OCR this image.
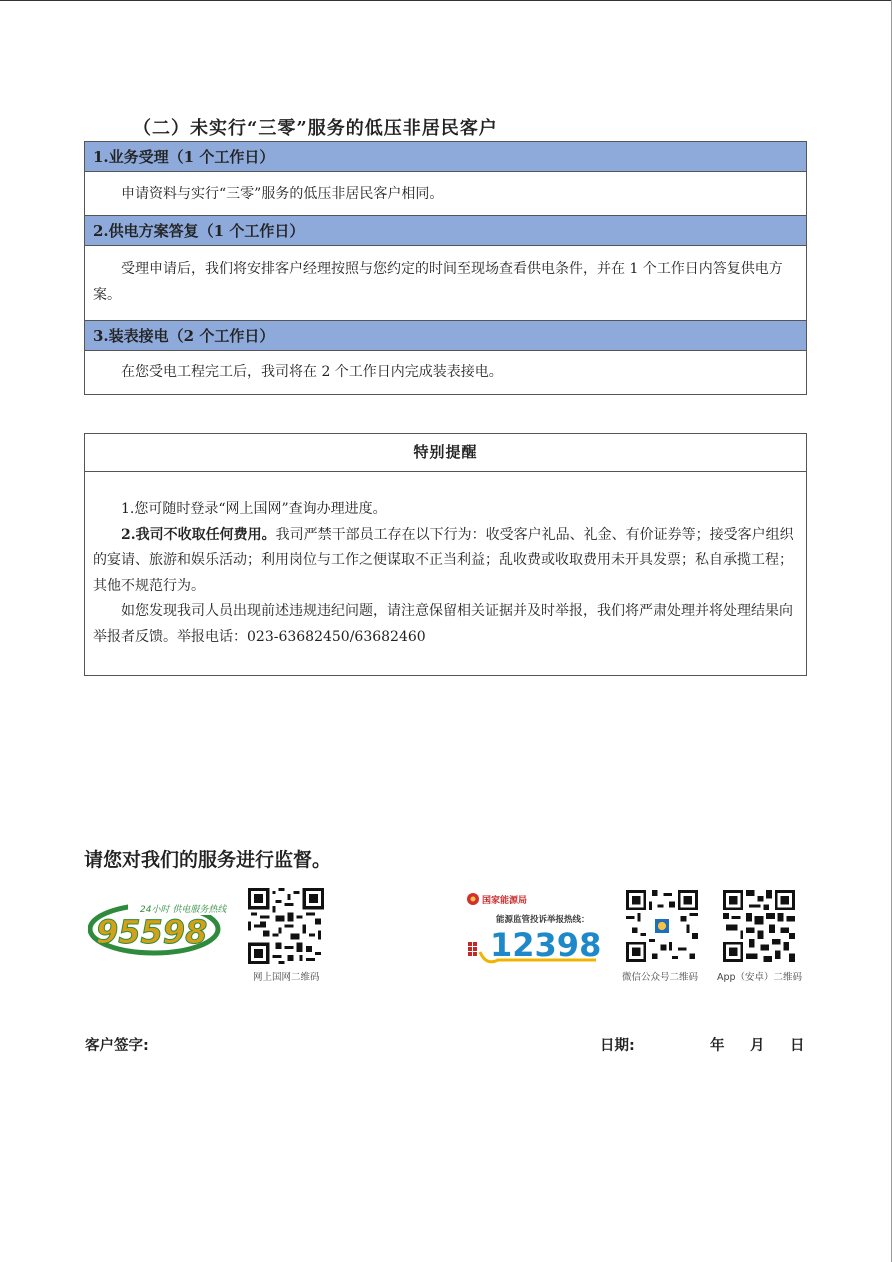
（二）未实行“三零”服务的低压非居民客户
1.业务受理（1 个工作日）
申请资料与实行“三零”服务的低压非居民客户相同。
2.供电方案答复（1 个工作日）
受理申请后，我们将安排客户经理按照与您约定的时间至现场查看供电条件，并在 1 个工作日内答复供电方案。
3.装表接电（2 个工作日）
在您受电工程完工后，我司将在 2 个工作日内完成装表接电。
特别提醒

1.您可随时登录“网上国网”查询办理进度。

2.我司不收取任何费用。我司严禁干部员工存在以下行为：收受客户礼品、礼金、有价证券等；接受客户组织的宴请、旅游和娱乐活动；利用岗位与工作之便谋取不正当利益；乱收费或收取费用未开具发票；私自承揽工程；其他不规范行为。

如您发现我司人员出现前述违规违纪问题，请注意保留相关证据并及时举报，我们将严肃处理并将处理结果向举报者反馈。举报电话：023-63682450/63682460

请您对我们的服务进行监督。
24小时 供电服务热线
95598
网上国网二维码
国家能源局
能源监管投诉举报热线：
12398
微信公众号二维码 App（安卓）二维码
客户签字:	日期:	年 月 日
